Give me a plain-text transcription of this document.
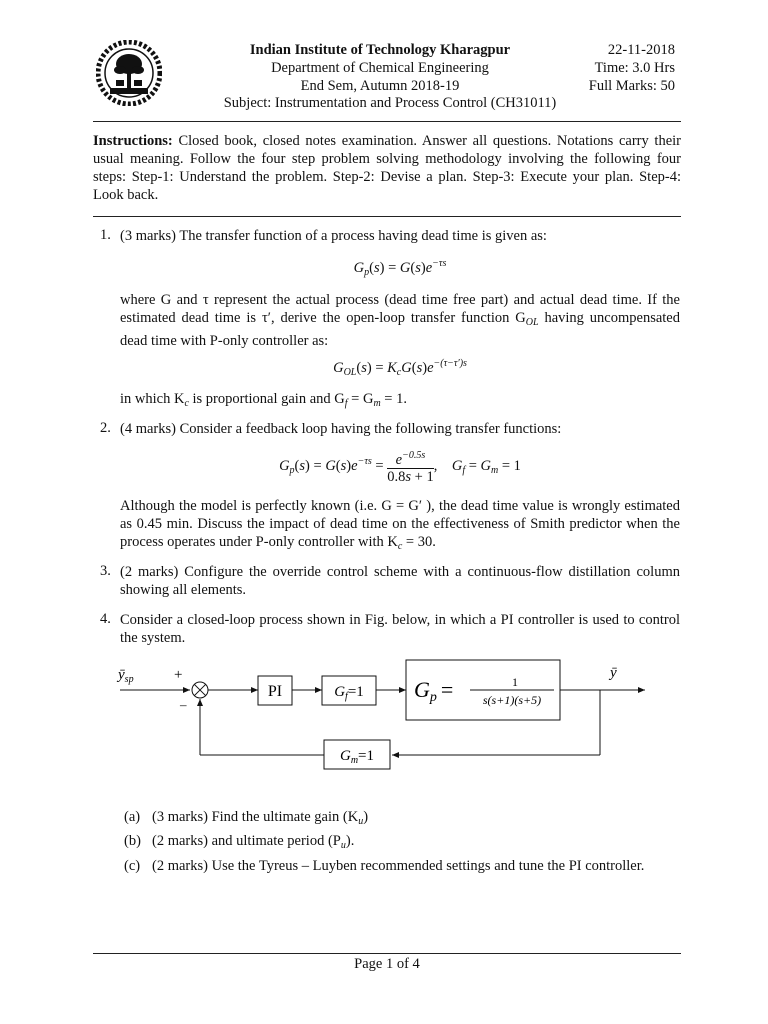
Indian Institute of Technology Kharagpur
Department of Chemical Engineering
End Sem, Autumn 2018-19
Subject: Instrumentation and Process Control (CH31011)
22-11-2018
Time: 3.0 Hrs
Full Marks: 50
Instructions: Closed book, closed notes examination. Answer all questions. Notations carry their usual meaning. Follow the four step problem solving methodology involving the following four steps: Step-1: Understand the problem. Step-2: Devise a plan. Step-3: Execute your plan. Step-4: Look back.
1. (3 marks) The transfer function of a process having dead time is given as:
$G_p(s) = G(s)e^{-\tau s}$
where G and τ represent the actual process (dead time free part) and actual dead time. If the estimated dead time is τ′, derive the open-loop transfer function $G_{OL}$ having uncompensated dead time with P-only controller as:
$G_{OL}(s) = K_cG(s)e^{-(\tau-\tau')s}$
in which $K_c$ is proportional gain and $G_f = G_m = 1$.
2. (4 marks) Consider a feedback loop having the following transfer functions:
$G_p(s) = G(s)e^{-\tau s} = \frac{e^{-0.5s}}{0.8s + 1}$ ,    $G_f = G_m = 1$
Although the model is perfectly known (i.e. G = G′ ), the dead time value is wrongly estimated as 0.45 min. Discuss the impact of dead time on the effectiveness of Smith predictor when the process operates under P-only controller with $K_c = 30$.
3. (2 marks) Configure the override control scheme with a continuous-flow distillation column showing all elements.
4. Consider a closed-loop process shown in Fig. below, in which a PI controller is used to control the system.
$ȳ_{sp}$	+
–
PI	$G_f=1$ Gp =	1
s(s+1)(s+5)
ȳ
$G_m=1$
(a) (3 marks) Find the ultimate gain $(K_u)$
(b) (2 marks) and ultimate period $(P_u)$.
(c) (2 marks) Use the Tyreus – Luyben recommended settings and tune the PI controller.
Page 1 of 4
